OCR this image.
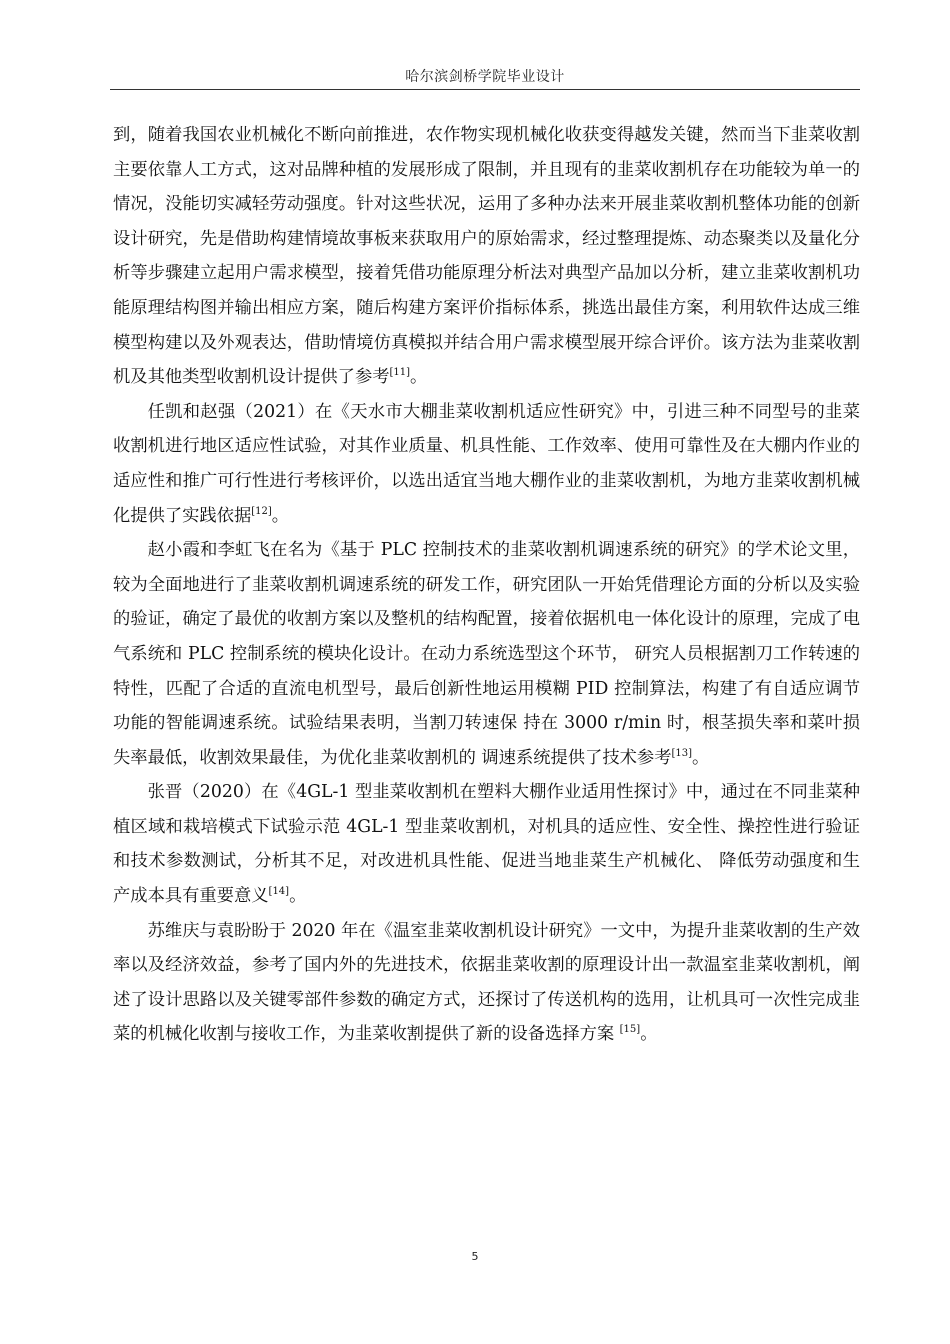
哈尔滨剑桥学院毕业设计

到，随着我国农业机械化不断向前推进，农作物实现机械化收获变得越发关键，然而当下韭菜收割主要依靠人工方式，这对品牌种植的发展形成了限制，并且现有的韭菜收割机存在功能较为单一的情况，没能切实减轻劳动强度。针对这些状况，运用了多种办法来开展韭菜收割机整体功能的创新设计研究，先是借助构建情境故事板来获取用户的原始需求，经过整理提炼、动态聚类以及量化分析等步骤建立起用户需求模型，接着凭借功能原理分析法对典型产品加以分析，建立韭菜收割机功能原理结构图并输出相应方案，随后构建方案评价指标体系，挑选出最佳方案，利用软件达成三维模型构建以及外观表达，借助情境仿真模拟并结合用户需求模型展开综合评价。该方法为韭菜收割机及其他类型收割机设计提供了参考[11]。

任凯和赵强（2021）在《天水市大棚韭菜收割机适应性研究》中，引进三种不同型号的韭菜收割机进行地区适应性试验，对其作业质量、机具性能、工作效率、使用可靠性及在大棚内作业的适应性和推广可行性进行考核评价，以选出适宜当地大棚作业的韭菜收割机，为地方韭菜收割机械化提供了实践依据[12]。

赵小霞和李虹飞在名为《基于 PLC 控制技术的韭菜收割机调速系统的研究》的学术论文里，较为全面地进行了韭菜收割机调速系统的研发工作，研究团队一开始凭借理论方面的分析以及实验的验证，确定了最优的收割方案以及整机的结构配置，接着依据机电一体化设计的原理，完成了电气系统和 PLC 控制系统的模块化设计。在动力系统选型这个环节， 研究人员根据割刀工作转速的特性，匹配了合适的直流电机型号，最后创新性地运用模糊 PID 控制算法，构建了有自适应调节功能的智能调速系统。试验结果表明，当割刀转速保 持在 3000 r/min 时，根茎损失率和菜叶损失率最低，收割效果最佳，为优化韭菜收割机的 调速系统提供了技术参考[13]。

张晋（2020）在《4GL-1 型韭菜收割机在塑料大棚作业适用性探讨》中，通过在不同韭菜种植区域和栽培模式下试验示范 4GL-1 型韭菜收割机，对机具的适应性、安全性、操控性进行验证和技术参数测试，分析其不足，对改进机具性能、促进当地韭菜生产机械化、 降低劳动强度和生产成本具有重要意义[14]。

苏维庆与袁盼盼于 2020 年在《温室韭菜收割机设计研究》一文中，为提升韭菜收割的生产效率以及经济效益，参考了国内外的先进技术，依据韭菜收割的原理设计出一款温室韭菜收割机，阐述了设计思路以及关键零部件参数的确定方式，还探讨了传送机构的选用，让机具可一次性完成韭菜的机械化收割与接收工作，为韭菜收割提供了新的设备选择方案 [15]。

5
